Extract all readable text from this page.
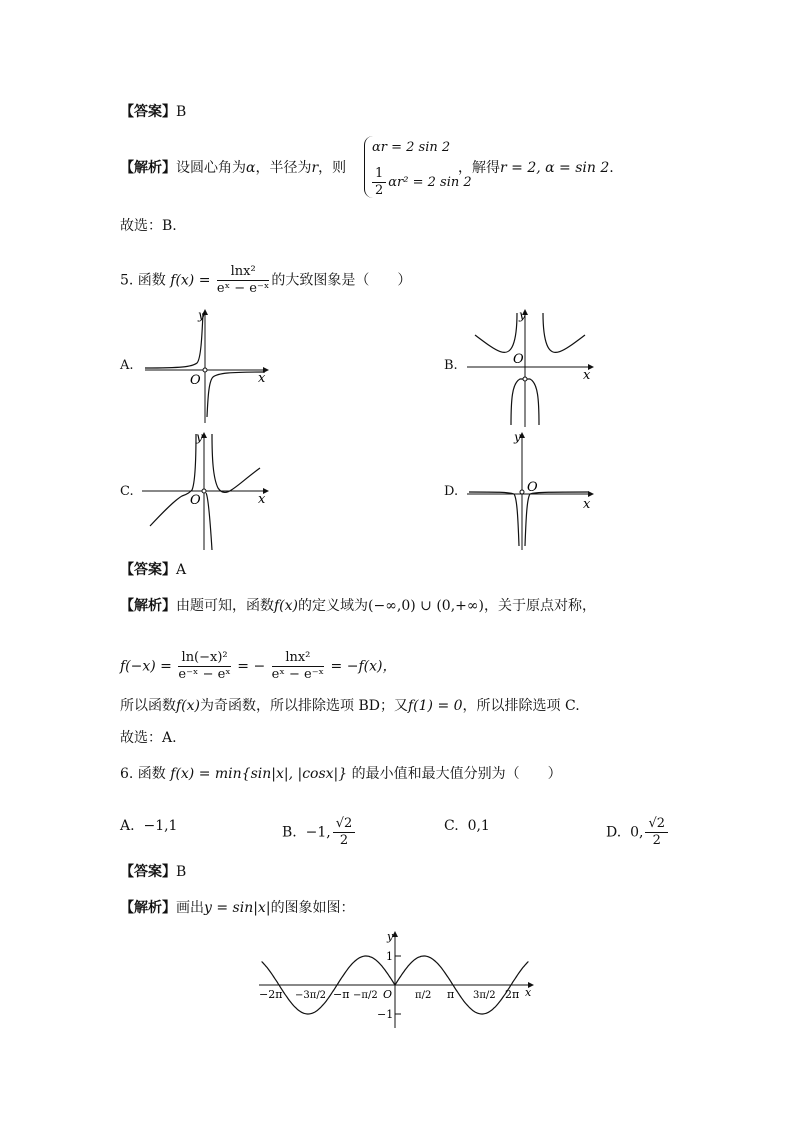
【答案】B
【解析】设圆心角为α，半径为r，则
αr = 2 sin 2
$\frac{1}{2} \alpha r^2 = 2$ sin 2
，解得r = 2, α = sin 2.
故选：B.
5. 函数 $f(x) = \frac{\text{lnx²}}{\text{eˣ − e⁻ˣ}}$ 的大致图象是（　　）
A.	B.
C.	D.
y
x
O
y
x
O
y
x
O
y
x
O
【答案】A
【解析】由题可知，函数f(x)的定义域为(−∞,0) ∪ (0,+∞)，关于原点对称，
$f(-x) = \frac{\text{ln(−x)²}}{\text{e⁻ˣ − eˣ}}$ = − $\frac{\text{lnx²}}{\text{eˣ − e⁻ˣ}} = -f(x)$，
所以函数f(x)为奇函数，所以排除选项 BD；又f(1) = 0，所以排除选项 C.
故选：A.
6. 函数 f(x) = min{sin|x|, |cosx|} 的最小值和最大值分别为（　　）
A. −1,1	B. −1, $\frac{√2}{2}$	C. 0,1	D. 0, $\frac{√2}{2}$
【答案】B
【解析】画出y = sin|x|的图象如图：
y
x
1
−1
−2π −3π/2 −π −π/2 O π/2 π 3π/2 2π
